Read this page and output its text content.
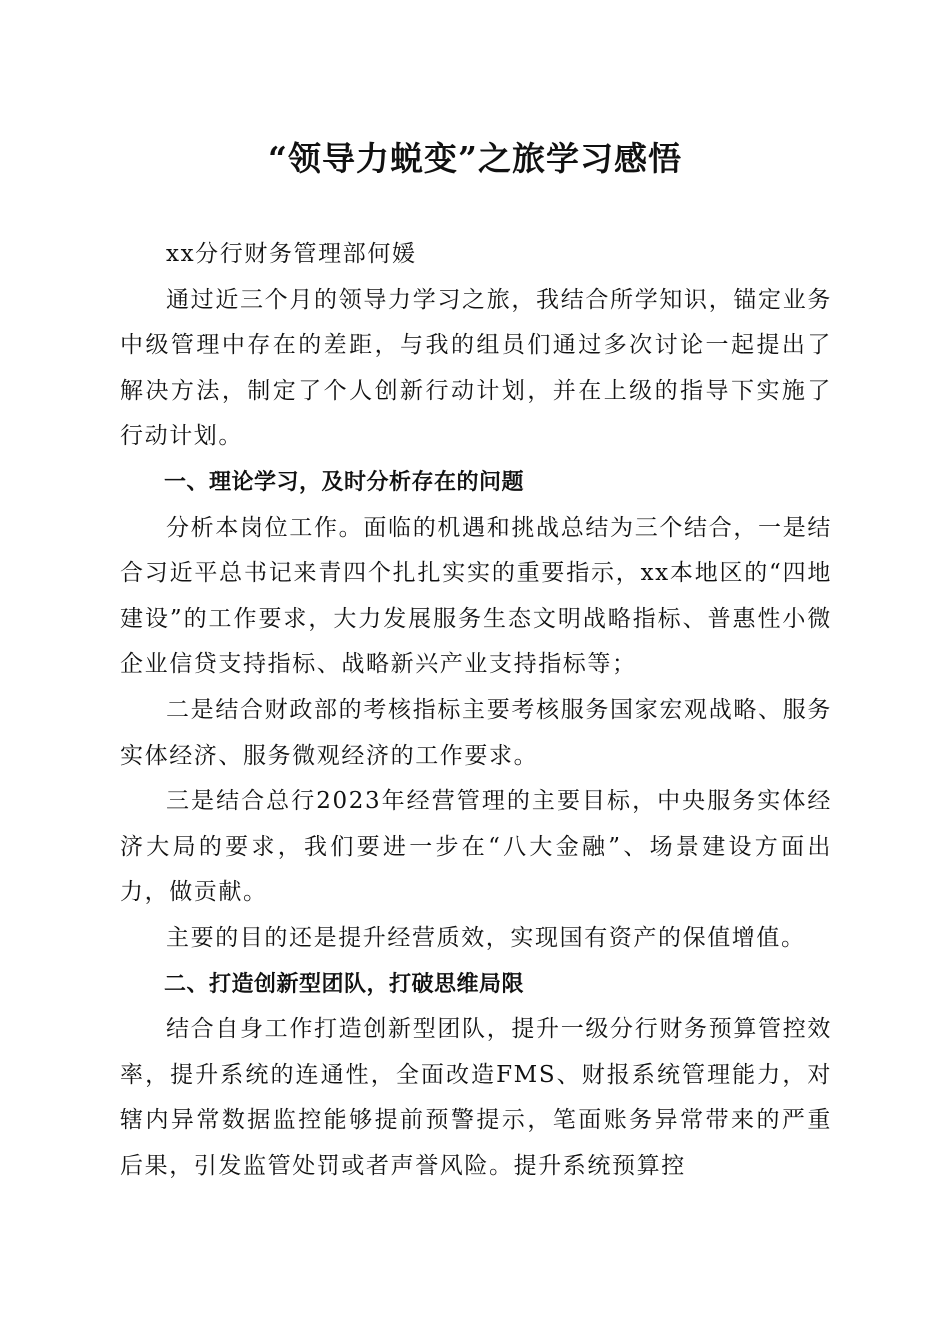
“领导力蜕变”之旅学习感悟

xx分行财务管理部何媛

通过近三个月的领导力学习之旅，我结合所学知识，锚定业务中级管理中存在的差距，与我的组员们通过多次讨论一起提出了解决方法，制定了个人创新行动计划，并在上级的指导下实施了行动计划。

一、理论学习，及时分析存在的问题

分析本岗位工作。面临的机遇和挑战总结为三个结合，一是结合习近平总书记来青四个扎扎实实的重要指示，xx本地区的“四地建设”的工作要求，大力发展服务生态文明战略指标、普惠性小微企业信贷支持指标、战略新兴产业支持指标等；

二是结合财政部的考核指标主要考核服务国家宏观战略、服务实体经济、服务微观经济的工作要求。

三是结合总行2023年经营管理的主要目标，中央服务实体经济大局的要求，我们要进一步在“八大金融”、场景建设方面出力，做贡献。

主要的目的还是提升经营质效，实现国有资产的保值增值。

二、打造创新型团队，打破思维局限

结合自身工作打造创新型团队，提升一级分行财务预算管控效率，提升系统的连通性，全面改造FMS、财报系统管理能力，对辖内异常数据监控能够提前预警提示，笔面账务异常带来的严重后果，引发监管处罚或者声誉风险。提升系统预算控
